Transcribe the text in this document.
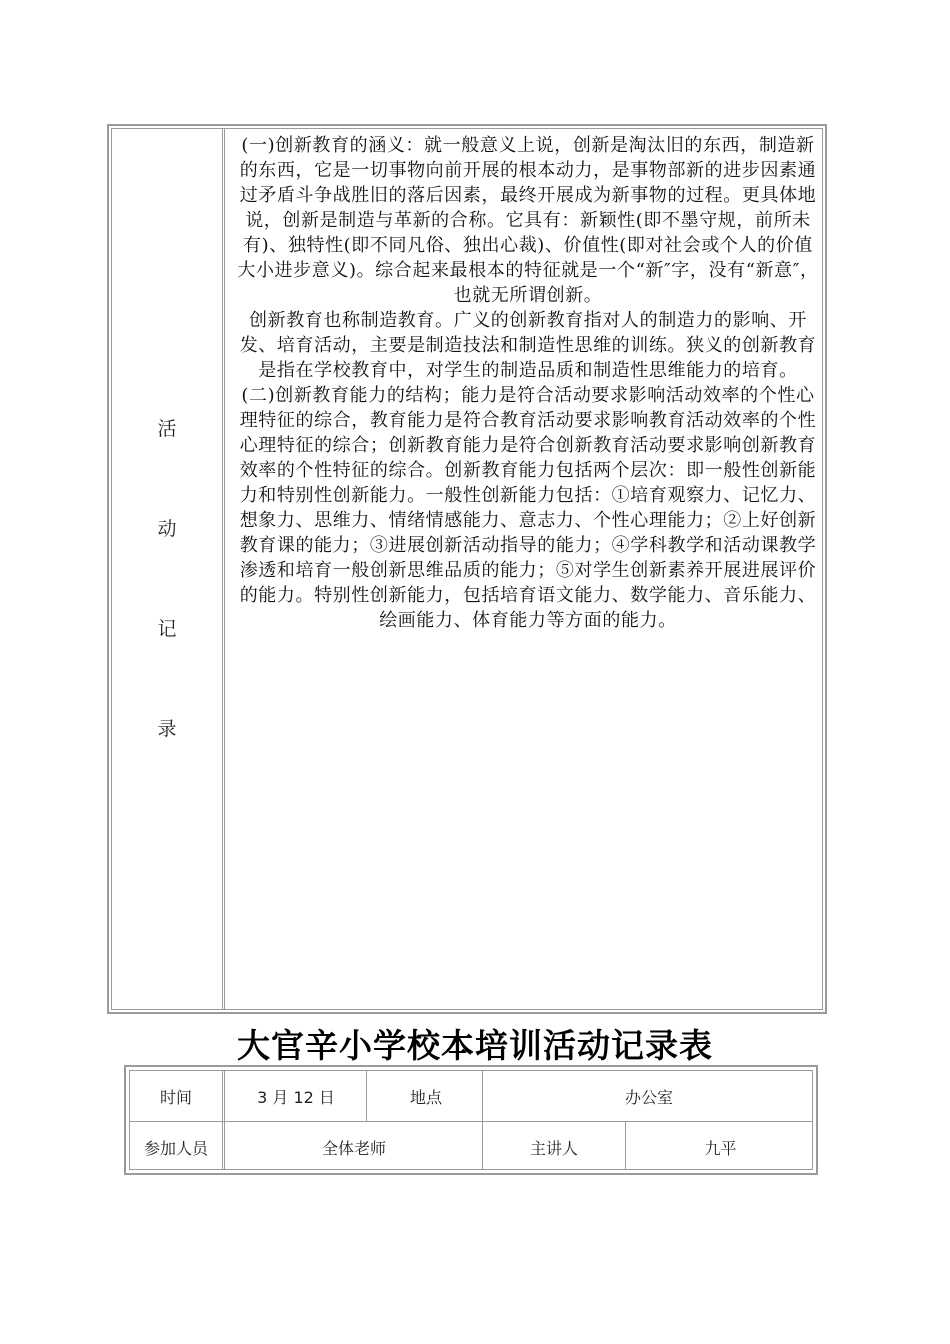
活
动
记
录

(一)创新教育的涵义：就一般意义上说，创新是淘汰旧的东西，制造新的东西，它是一切事物向前开展的根本动力，是事物部新的进步因素通过矛盾斗争战胜旧的落后因素，最终开展成为新事物的过程。更具体地说，创新是制造与革新的合称。它具有：新颖性(即不墨守规，前所未有)、独特性(即不同凡俗、独出心裁)、价值性(即对社会或个人的价值大小进步意义)。综合起来最根本的特征就是一个“新″字，没有“新意″，也就无所谓创新。

创新教育也称制造教育。广义的创新教育指对人的制造力的影响、开发、培育活动，主要是制造技法和制造性思维的训练。狭义的创新教育是指在学校教育中，对学生的制造品质和制造性思维能力的培育。

(二)创新教育能力的结构；能力是符合活动要求影响活动效率的个性心理特征的综合，教育能力是符合教育活动要求影响教育活动效率的个性心理特征的综合；创新教育能力是符合创新教育活动要求影响创新教育效率的个性特征的综合。创新教育能力包括两个层次：即一般性创新能力和特别性创新能力。一般性创新能力包括：①培育观察力、记忆力、想象力、思维力、情绪情感能力、意志力、个性心理能力；②上好创新教育课的能力；③进展创新活动指导的能力；④学科教学和活动课教学渗透和培育一般创新思维品质的能力；⑤对学生创新素养开展进展评价的能力。特别性创新能力，包括培育语文能力、数学能力、音乐能力、绘画能力、体育能力等方面的能力。

大官辛小学校本培训活动记录表
时间	3 月 12 日	地点	办公室
参加人员	全体老师	主讲人	九平
